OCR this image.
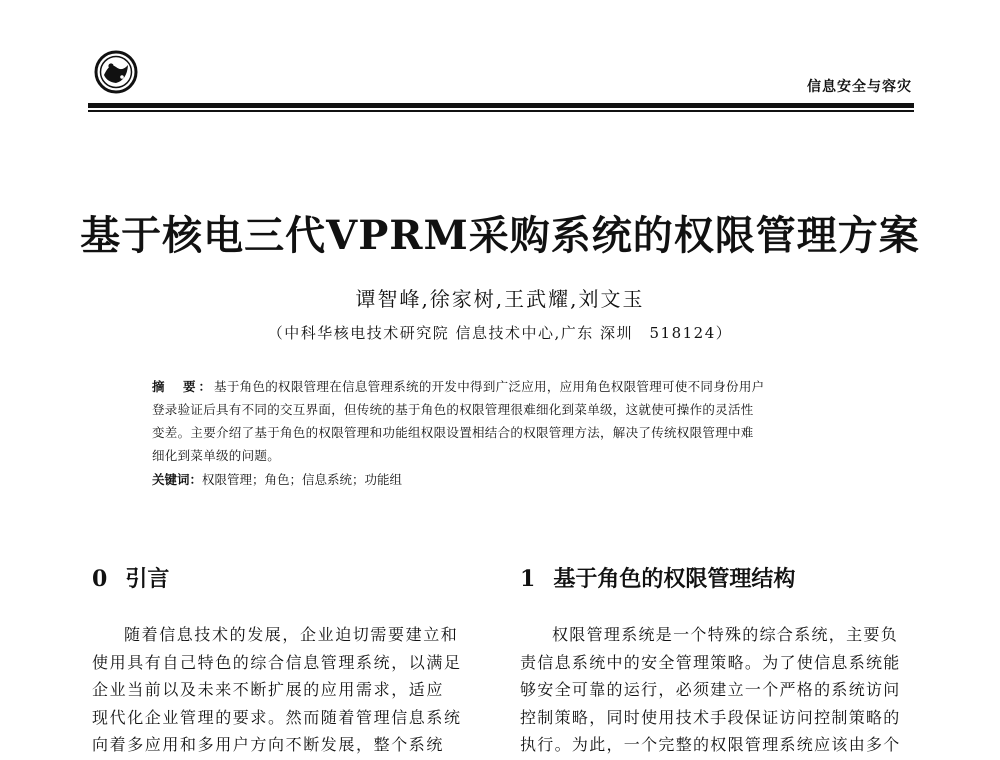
信息安全与容灾
基于核电三代VPRM采购系统的权限管理方案
谭智峰,徐家树,王武耀,刘文玉
（中科华核电技术研究院 信息技术中心,广东 深圳　518124）
摘　要：基于角色的权限管理在信息管理系统的开发中得到广泛应用，应用角色权限管理可使不同身份用户
登录验证后具有不同的交互界面，但传统的基于角色的权限管理很难细化到菜单级，这就使可操作的灵活性
变差。主要介绍了基于角色的权限管理和功能组权限设置相结合的权限管理方法，解决了传统权限管理中难
细化到菜单级的问题。
关键词：权限管理；角色；信息系统；功能组
0 引言
随着信息技术的发展，企业迫切需要建立和
使用具有自己特色的综合信息管理系统，以满足
企业当前以及未来不断扩展的应用需求，适应
现代化企业管理的要求。然而随着管理信息系统
向着多应用和多用户方向不断发展，整个系统
1 基于角色的权限管理结构
权限管理系统是一个特殊的综合系统，主要负
责信息系统中的安全管理策略。为了使信息系统能
够安全可靠的运行，必须建立一个严格的系统访问
控制策略，同时使用技术手段保证访问控制策略的
执行。为此，一个完整的权限管理系统应该由多个
